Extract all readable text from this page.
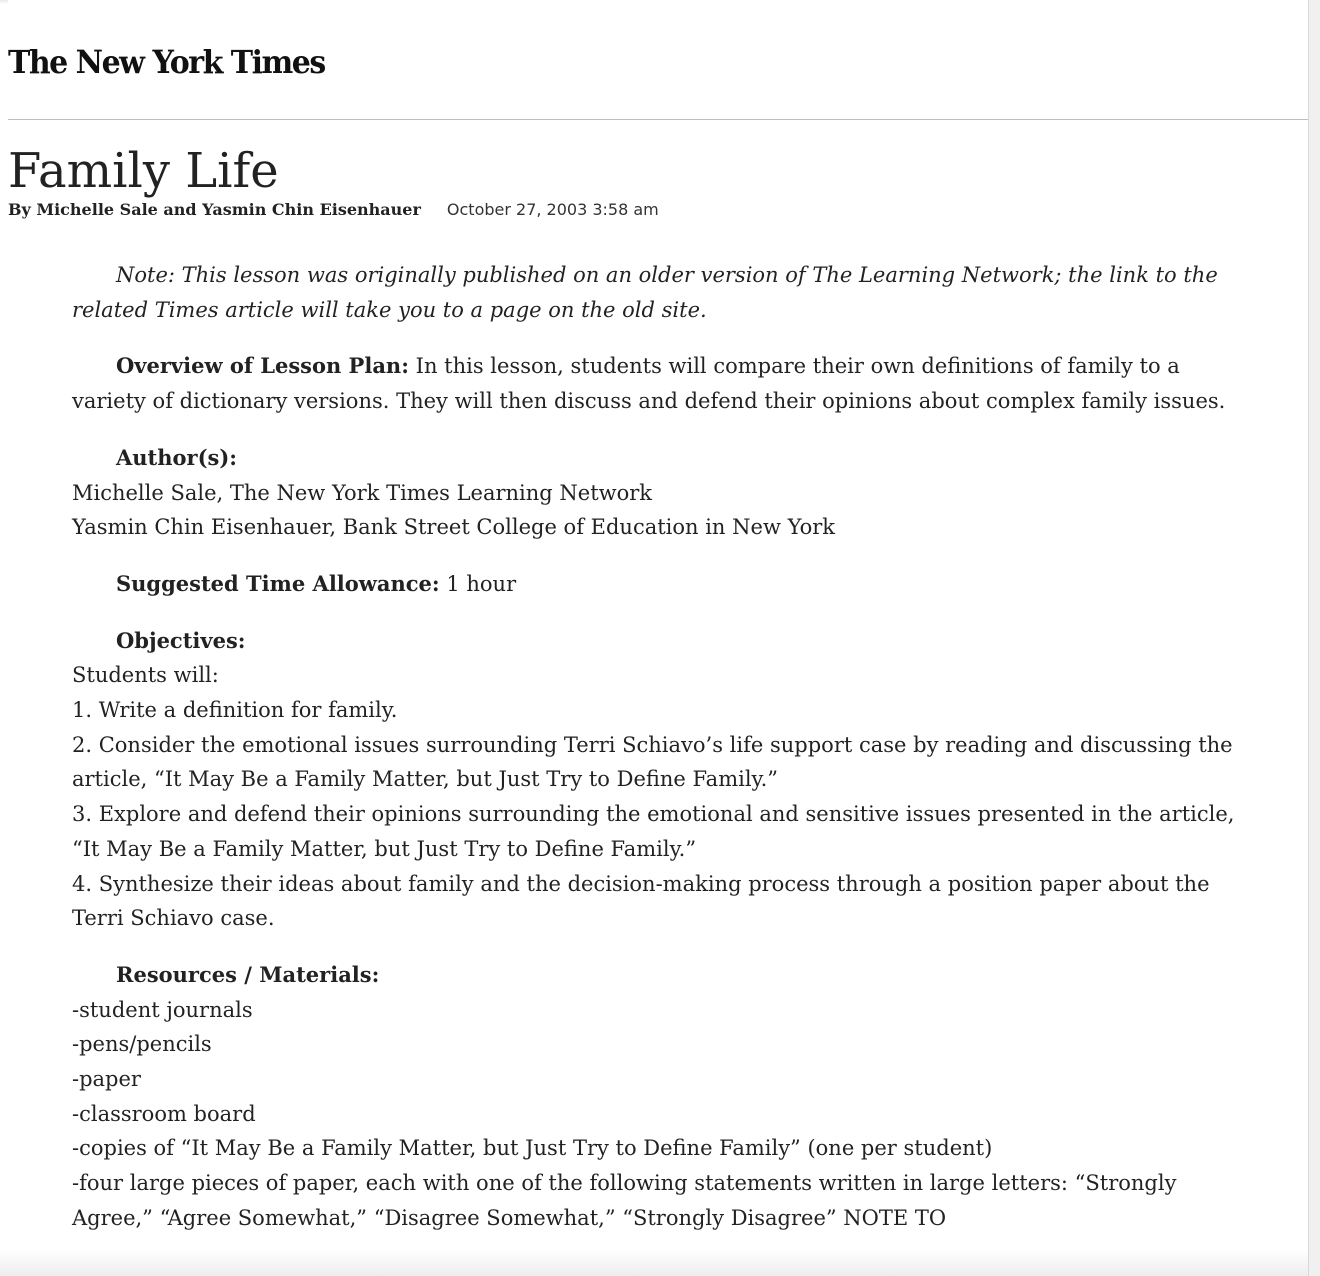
The New York Times
Family Life
By Michelle Sale and Yasmin Chin Eisenhauer October 27, 2003 3:58 am

Note: This lesson was originally published on an older version of The Learning Network; the link to the related Times article will take you to a page on the old site.

Overview of Lesson Plan: In this lesson, students will compare their own definitions of family to a variety of dictionary versions. They will then discuss and defend their opinions about complex family issues.

Author(s):
Michelle Sale, The New York Times Learning Network
Yasmin Chin Eisenhauer, Bank Street College of Education in New York

Suggested Time Allowance: 1 hour

Objectives:
Students will:
1. Write a definition for family.
2. Consider the emotional issues surrounding Terri Schiavo’s life support case by reading and discussing the article, “It May Be a Family Matter, but Just Try to Define Family.”
3. Explore and defend their opinions surrounding the emotional and sensitive issues presented in the article, “It May Be a Family Matter, but Just Try to Define Family.”
4. Synthesize their ideas about family and the decision-making process through a position paper about the Terri Schiavo case.

Resources / Materials:
-student journals
-pens/pencils
-paper
-classroom board
-copies of “It May Be a Family Matter, but Just Try to Define Family” (one per student)
-four large pieces of paper, each with one of the following statements written in large letters: “Strongly Agree,” “Agree Somewhat,” “Disagree Somewhat,” “Strongly Disagree” NOTE TO
